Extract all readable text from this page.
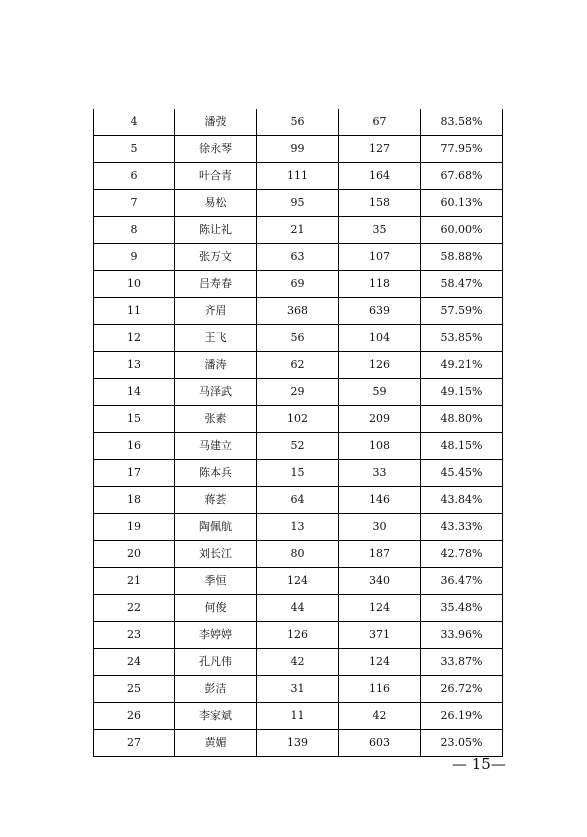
4	潘弢	56	67	83.58%
5	徐永琴	99	127	77.95%
6	叶合青	111	164	67.68%
7	易松	95	158	60.13%
8	陈让礼	21	35	60.00%
9	张万文	63	107	58.88%
10	吕寿春	69	118	58.47%
11	齐眉	368	639	57.59%
12	王飞	56	104	53.85%
13	潘涛	62	126	49.21%
14	马泽武	29	59	49.15%
15	张素	102	209	48.80%
16	马建立	52	108	48.15%
17	陈本兵	15	33	45.45%
18	蒋荟	64	146	43.84%
19	陶佩航	13	30	43.33%
20	刘长江	80	187	42.78%
21	季恒	124	340	36.47%
22	何俊	44	124	35.48%
23	李婷婷	126	371	33.96%
24	孔凡伟	42	124	33.87%
25	彭洁	31	116	26.72%
26	李家斌	11	42	26.19%
27	黄媚	139	603	23.05%
— 15—
